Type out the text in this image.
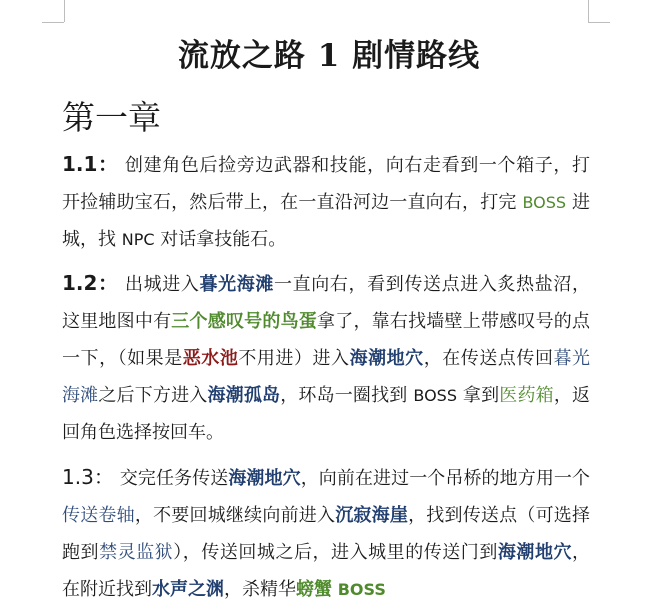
流放之路 1 剧情路线
第一章

1.1： 创建角色后捡旁边武器和技能，向右走看到一个箱子，打开捡辅助宝石，然后带上，在一直沿河边一直向右，打完 BOSS 进城，找 NPC 对话拿技能石。

1.2： 出城进入暮光海滩一直向右，看到传送点进入炙热盐沼，这里地图中有三个感叹号的鸟蛋拿了，靠右找墙壁上带感叹号的点一下，（如果是恶水池不用进）进入海潮地穴，在传送点传回暮光海滩之后下方进入海潮孤岛，环岛一圈找到 BOSS 拿到医药箱，返回角色选择按回车。

1.3： 交完任务传送海潮地穴，向前在进过一个吊桥的地方用一个传送卷轴，不要回城继续向前进入沉寂海崖，找到传送点（可选择跑到禁灵监狱），传送回城之后，进入城里的传送门到海潮地穴，在附近找到水声之渊，杀精华螃蟹 BOSS
